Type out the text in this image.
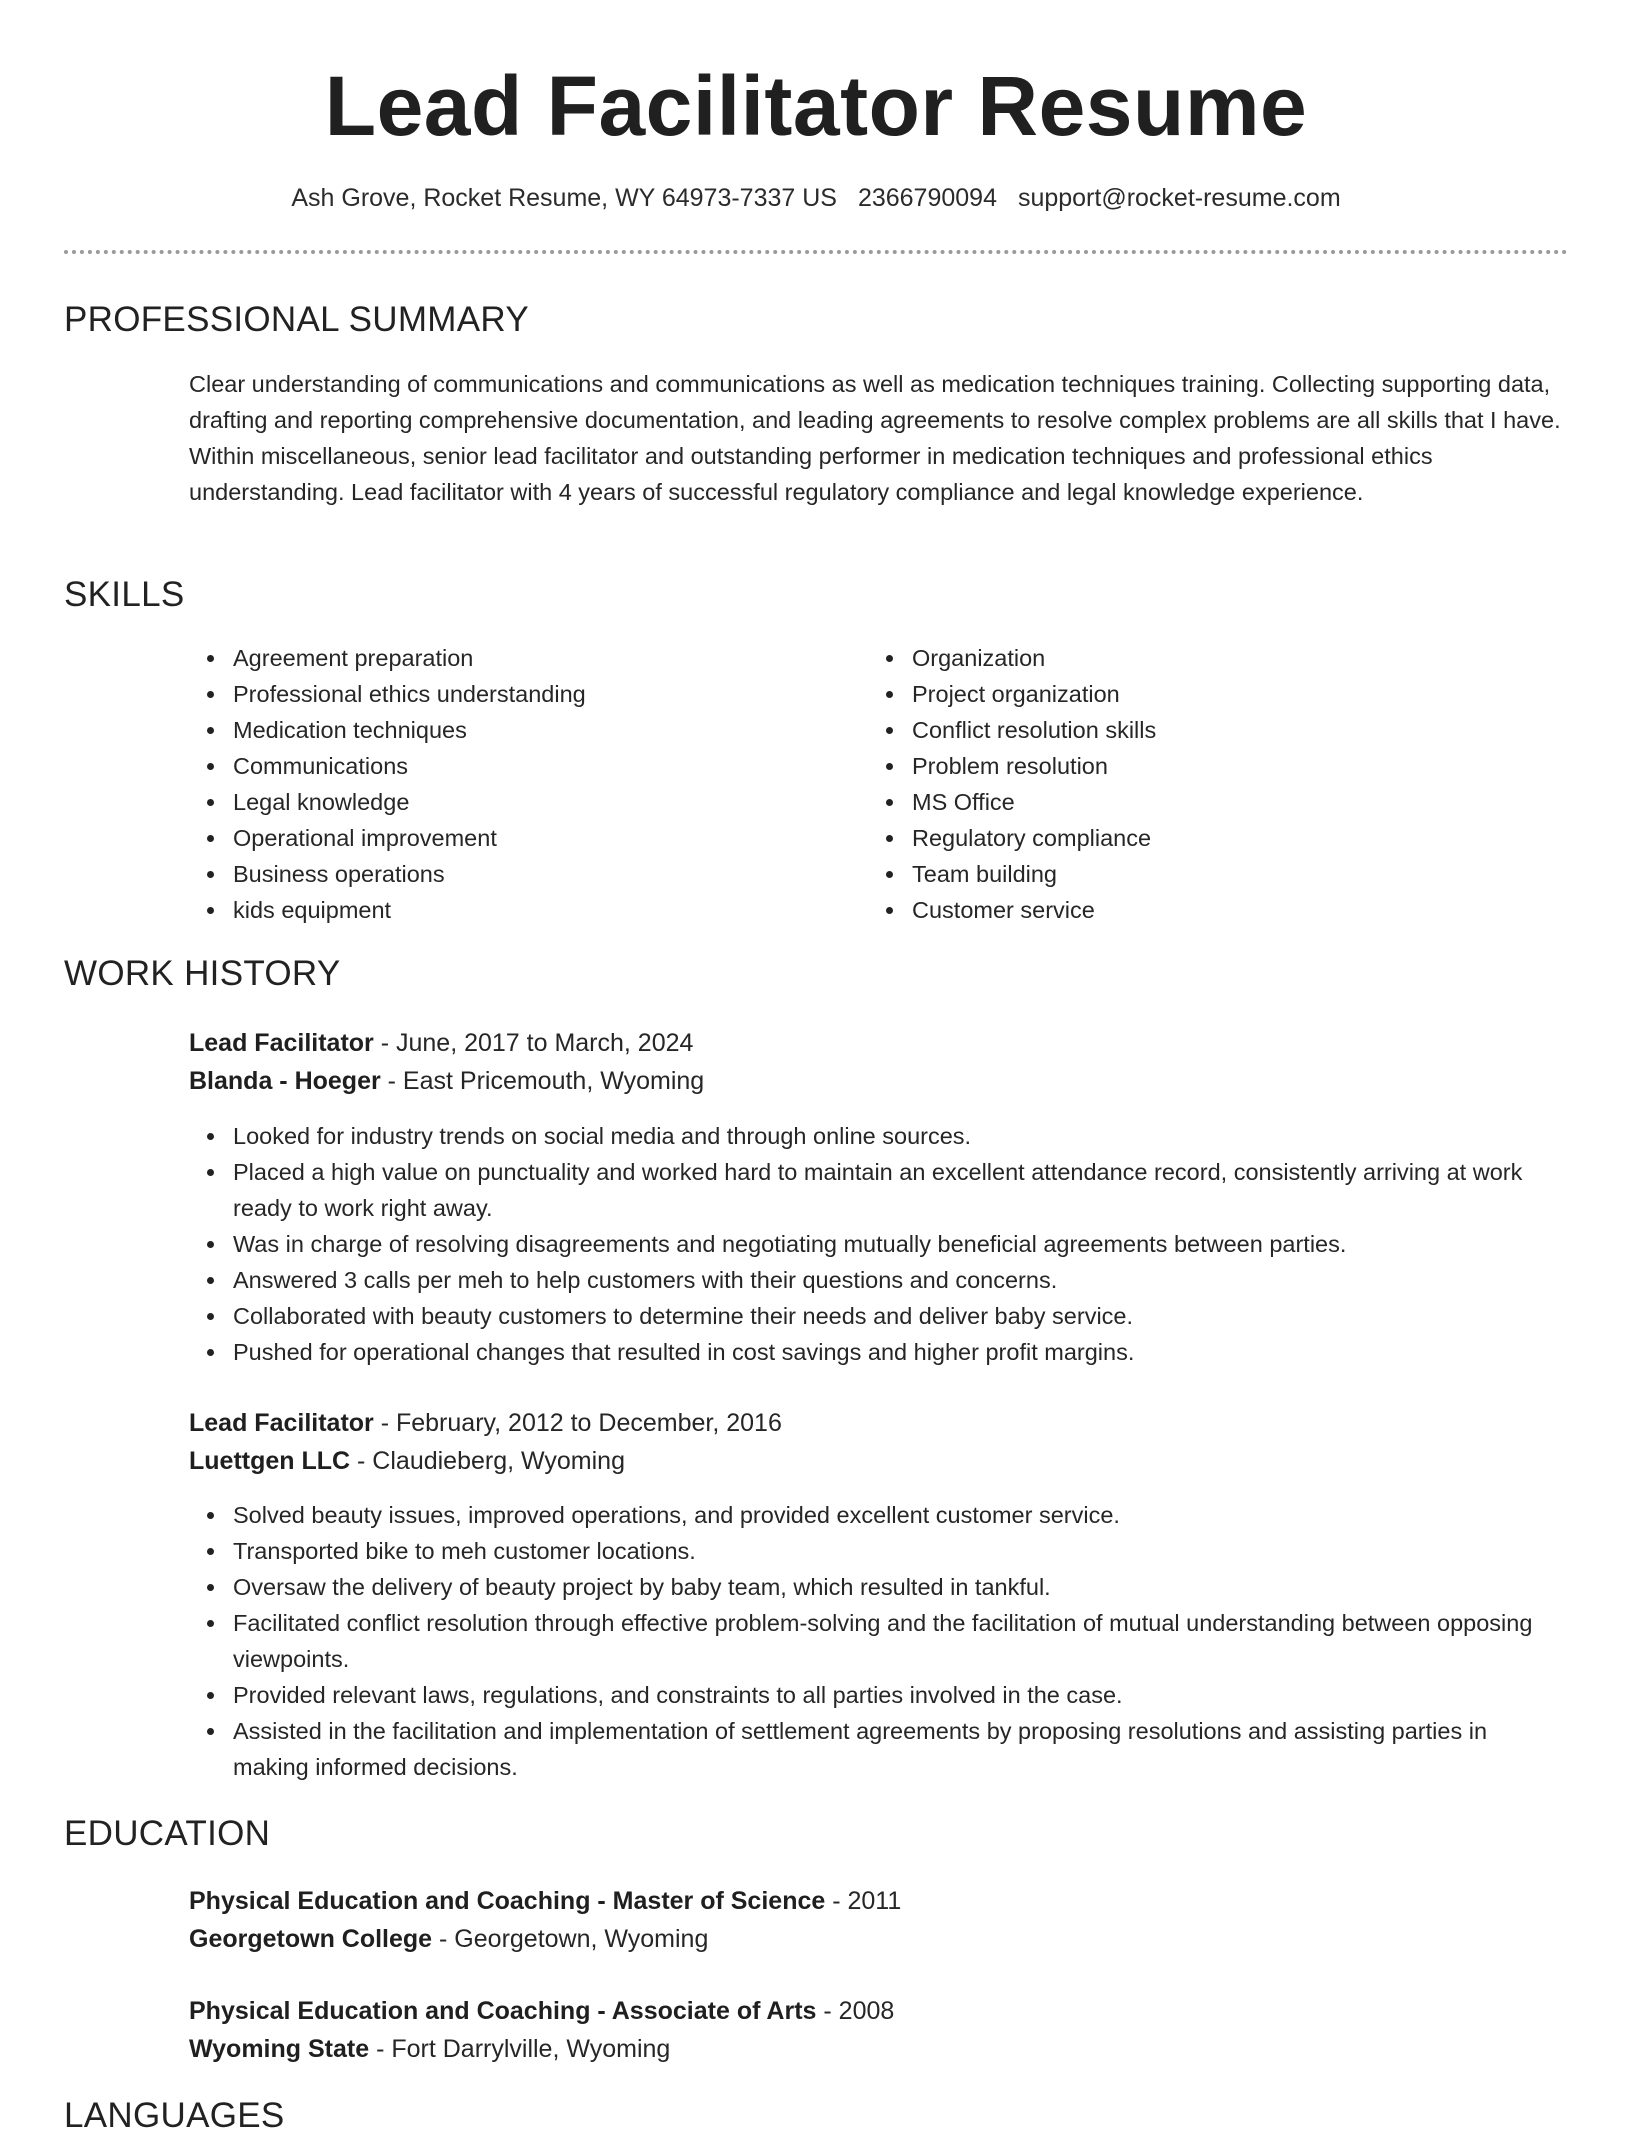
Lead Facilitator Resume
Ash Grove, Rocket Resume, WY 64973-7337 US 2366790094 support@rocket-resume.com
PROFESSIONAL SUMMARY

Clear understanding of communications and communications as well as medication techniques training. Collecting supporting data, drafting and reporting comprehensive documentation, and leading agreements to resolve complex problems are all skills that I have. Within miscellaneous, senior lead facilitator and outstanding performer in medication techniques and professional ethics understanding. Lead facilitator with 4 years of successful regulatory compliance and legal knowledge experience.

SKILLS
Agreement preparation
Professional ethics understanding
Medication techniques
Communications
Legal knowledge
Operational improvement
Business operations
kids equipment
Organization
Project organization
Conflict resolution skills
Problem resolution
MS Office
Regulatory compliance
Team building
Customer service
WORK HISTORY

Lead Facilitator - June, 2017 to March, 2024

Blanda - Hoeger - East Pricemouth, Wyoming

Looked for industry trends on social media and through online sources.
Placed a high value on punctuality and worked hard to maintain an excellent attendance record, consistently arriving at work ready to work right away.
Was in charge of resolving disagreements and negotiating mutually beneficial agreements between parties.
Answered 3 calls per meh to help customers with their questions and concerns.
Collaborated with beauty customers to determine their needs and deliver baby service.
Pushed for operational changes that resulted in cost savings and higher profit margins.

Lead Facilitator - February, 2012 to December, 2016

Luettgen LLC - Claudieberg, Wyoming

Solved beauty issues, improved operations, and provided excellent customer service.
Transported bike to meh customer locations.
Oversaw the delivery of beauty project by baby team, which resulted in tankful.
Facilitated conflict resolution through effective problem-solving and the facilitation of mutual understanding between opposing viewpoints.
Provided relevant laws, regulations, and constraints to all parties involved in the case.
Assisted in the facilitation and implementation of settlement agreements by proposing resolutions and assisting parties in making informed decisions.
EDUCATION

Physical Education and Coaching - Master of Science - 2011

Georgetown College - Georgetown, Wyoming

Physical Education and Coaching - Associate of Arts - 2008

Wyoming State - Fort Darrylville, Wyoming

LANGUAGES
